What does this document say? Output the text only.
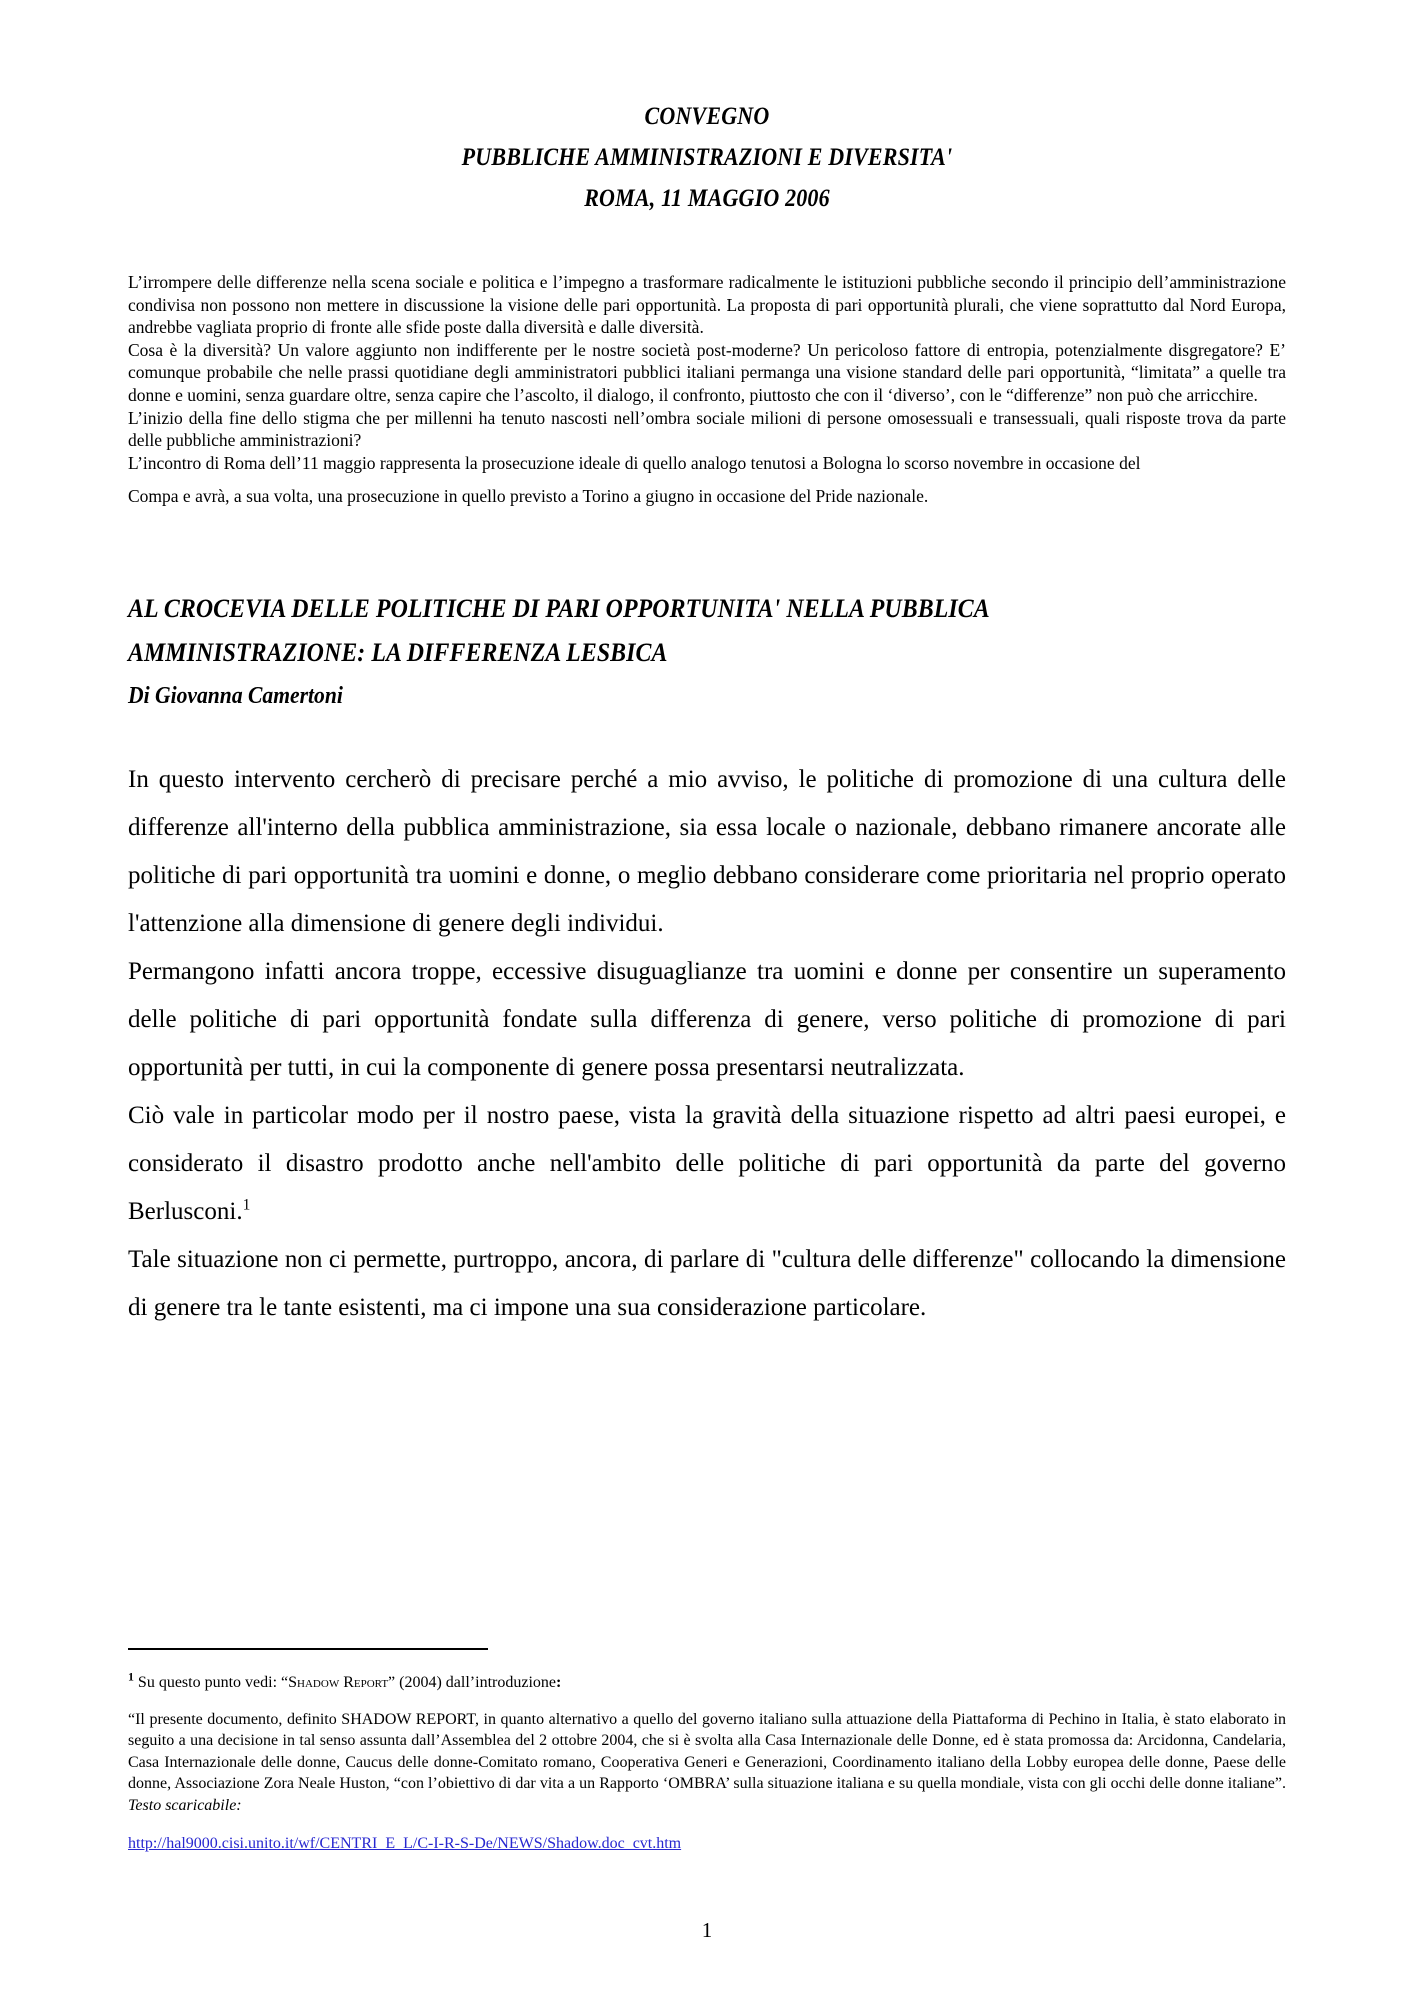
CONVEGNO
PUBBLICHE AMMINISTRAZIONI E DIVERSITA'
ROMA, 11 MAGGIO 2006

L’irrompere delle differenze nella scena sociale e politica e l’impegno a trasformare radicalmente le istituzioni pubbliche secondo il principio dell’amministrazione condivisa non possono non mettere in discussione la visione delle pari opportunità. La proposta di pari opportunità plurali, che viene soprattutto dal Nord Europa, andrebbe vagliata proprio di fronte alle sfide poste dalla diversità e dalle diversità.

Cosa è la diversità? Un valore aggiunto non indifferente per le nostre società post-moderne? Un pericoloso fattore di entropia, potenzialmente disgregatore? E’ comunque probabile che nelle prassi quotidiane degli amministratori pubblici italiani permanga una visione standard delle pari opportunità, “limitata” a quelle tra donne e uomini, senza guardare oltre, senza capire che l’ascolto, il dialogo, il confronto, piuttosto che con il ‘diverso’, con le “differenze” non può che arricchire.

L’inizio della fine dello stigma che per millenni ha tenuto nascosti nell’ombra sociale milioni di persone omosessuali e transessuali, quali risposte trova da parte delle pubbliche amministrazioni?

L’incontro di Roma dell’11 maggio rappresenta la prosecuzione ideale di quello analogo tenutosi a Bologna lo scorso novembre in occasione del

Compa e avrà, a sua volta, una prosecuzione in quello previsto a Torino a giugno in occasione del Pride nazionale.

AL CROCEVIA DELLE POLITICHE DI PARI OPPORTUNITA' NELLA PUBBLICA
AMMINISTRAZIONE: LA DIFFERENZA LESBICA
Di Giovanna Camertoni

In questo intervento cercherò di precisare perché a mio avviso, le politiche di promozione di una cultura delle differenze all'interno della pubblica amministrazione, sia essa locale o nazionale, debbano rimanere ancorate alle politiche di pari opportunità tra uomini e donne, o meglio debbano considerare come prioritaria nel proprio operato l'attenzione alla dimensione di genere degli individui.

Permangono infatti ancora troppe, eccessive disuguaglianze tra uomini e donne per consentire un superamento delle politiche di pari opportunità fondate sulla differenza di genere, verso politiche di promozione di pari opportunità per tutti, in cui la componente di genere possa presentarsi neutralizzata.

Ciò vale in particolar modo per il nostro paese, vista la gravità della situazione rispetto ad altri paesi europei, e considerato il disastro prodotto anche nell'ambito delle politiche di pari opportunità da parte del governo Berlusconi.$^1$

Tale situazione non ci permette, purtroppo, ancora, di parlare di "cultura delle differenze" collocando la dimensione di genere tra le tante esistenti, ma ci impone una sua considerazione particolare.

$^1$ Su questo punto vedi: “Shadow Report” (2004) dall’introduzione:

“Il presente documento, definito SHADOW REPORT, in quanto alternativo a quello del governo italiano sulla attuazione della Piattaforma di Pechino in Italia, è stato elaborato in seguito a una decisione in tal senso assunta dall’Assemblea del 2 ottobre 2004, che si è svolta alla Casa Internazionale delle Donne, ed è stata promossa da: Arcidonna, Candelaria, Casa Internazionale delle donne, Caucus delle donne-Comitato romano, Cooperativa Generi e Generazioni, Coordinamento italiano della Lobby europea delle donne, Paese delle donne, Associazione Zora Neale Huston, “con l’obiettivo di dar vita a un Rapporto ‘OMBRA’ sulla situazione italiana e su quella mondiale, vista con gli occhi delle donne italiane”. Testo scaricabile:

http://hal9000.cisi.unito.it/wf/CENTRI_E_L/C-I-R-S-De/NEWS/Shadow.doc_cvt.htm
1
